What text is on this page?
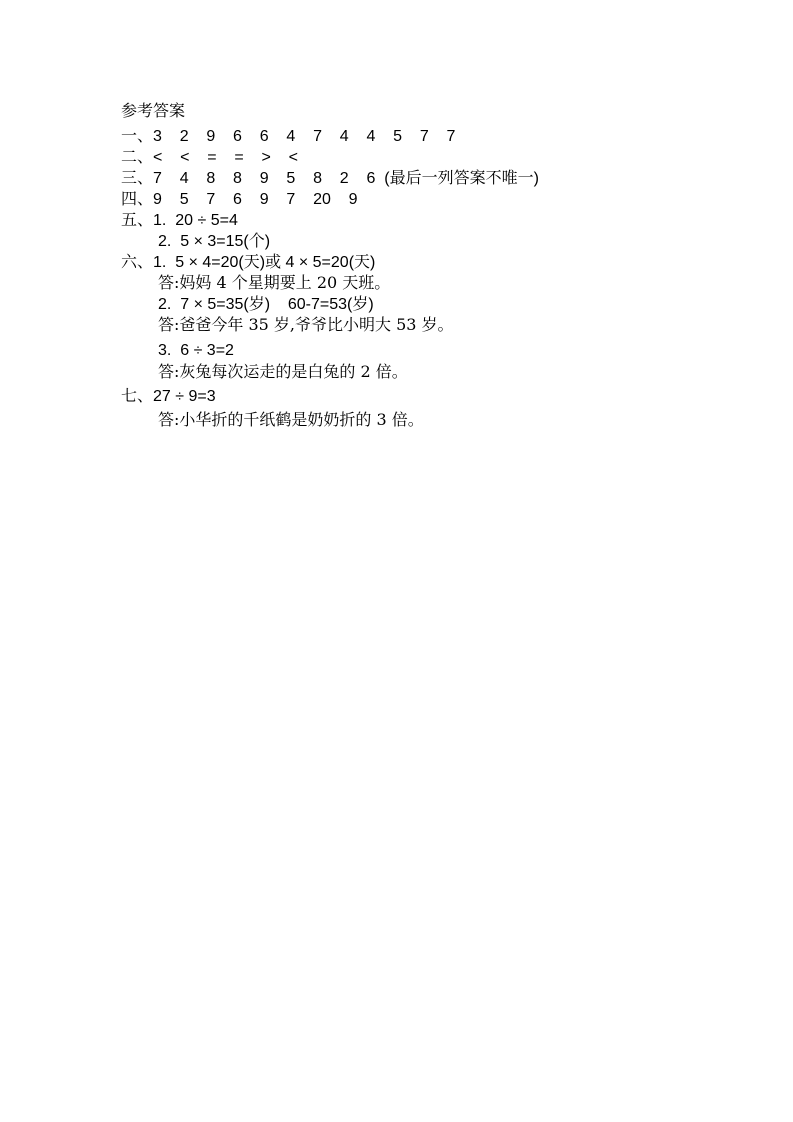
参考答案
一、3    2    9    6    6    4    7    4    4    5    7    7
二、<    <    =    =    >    <
三、7    4    8    8    9    5    8    2    6  (最后一列答案不唯一)
四、9    5    7    6    9    7    20    9
五、1.  20 ÷ 5=4
2.  5 × 3=15(个)
六、1.  5 × 4=20(天)或 4 × 5=20(天)
答:妈妈 4 个星期要上 20 天班。
2.  7 × 5=35(岁)    60-7=53(岁)
答:爸爸今年 35 岁,爷爷比小明大 53 岁。
3.  6 ÷ 3=2
答:灰兔每次运走的是白兔的 2 倍。
七、27 ÷ 9=3
答:小华折的千纸鹤是奶奶折的 3 倍。
